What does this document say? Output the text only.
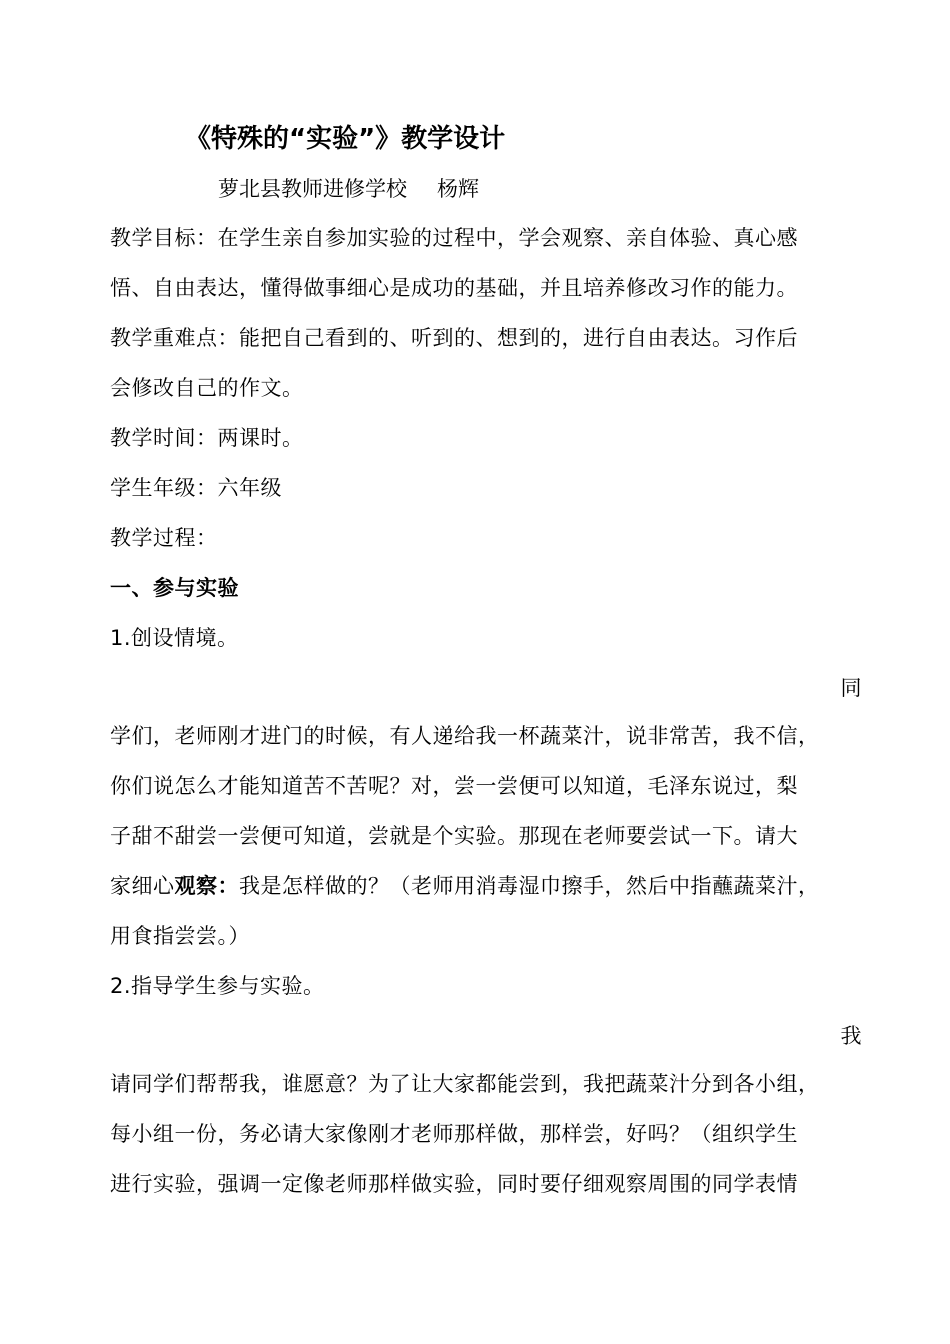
《特殊的“实验”》教学设计
萝北县教师进修学校 杨辉
教学目标：在学生亲自参加实验的过程中，学会观察、亲自体验、真心感
悟、自由表达，懂得做事细心是成功的基础，并且培养修改习作的能力。
教学重难点：能把自己看到的、听到的、想到的，进行自由表达。习作后
会修改自己的作文。
教学时间：两课时。
学生年级：六年级
教学过程：
一、参与实验
1.创设情境。
同
学们，老师刚才进门的时候，有人递给我一杯蔬菜汁，说非常苦，我不信，
你们说怎么才能知道苦不苦呢？对，尝一尝便可以知道，毛泽东说过，梨
子甜不甜尝一尝便可知道，尝就是个实验。那现在老师要尝试一下。请大
家细心观察：我是怎样做的？（老师用消毒湿巾擦手，然后中指蘸蔬菜汁，
用食指尝尝。）
2.指导学生参与实验。
我
请同学们帮帮我，谁愿意？为了让大家都能尝到，我把蔬菜汁分到各小组，
每小组一份，务必请大家像刚才老师那样做，那样尝，好吗？（组织学生
进行实验，强调一定像老师那样做实验，同时要仔细观察周围的同学表情
